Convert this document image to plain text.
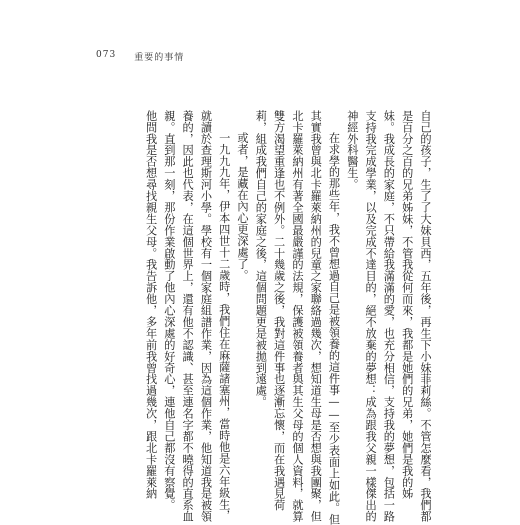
073 重要的事情

自己的孩子，生了了大妹貝西，五年後，再生下小妹菲莉絲。不管怎麼看，我們都
是百分之百的兄弟姊妹，不管我從何而來，我都是她們的兄弟，她們是我的姊
妹。我成長的家庭，不只帶給我滿滿的愛，也充分相信，支持我的夢想，包括一路
支持我完成學業，以及完成不達目的，絕不放棄的夢想：成為跟我父親一樣傑出的
神經外科醫生。
在求學的那些年，我不曾想過自己是被領養的這件事——至少表面上如此。但
其實我曾與北卡羅萊納州的兒童之家聯絡過幾次，想知道生母是否想與我團聚，但
北卡羅萊納州有著全國最嚴謹的法規，保護被領養者與其生父母的個人資料，就算
雙方渴望重逢也不例外。二十幾歲之後，我對這件事也逐漸忘懷，而在我遇見荷
莉，組成我們自己的家庭之後，這個問題更是被拋到遠處。
或者，是藏在內心更深處了。
一九九九年，伊本四世十二歲時，我們住在麻薩諸塞州，當時他是六年級生，
就讀於查理斯河小學。學校有一個家庭組譜作業，因為這個作業，他知道我是被領
養的，因此也代表，在這個世界上，還有他不認識、甚至連名字都不曉得的直系血
親。直到那一刻，那份作業啟動了他內心深處的好奇心，連他自己都沒有察覺。
他問我是否想尋找親生父母。我告訴他，多年前我曾找過幾次，跟北卡羅萊納
